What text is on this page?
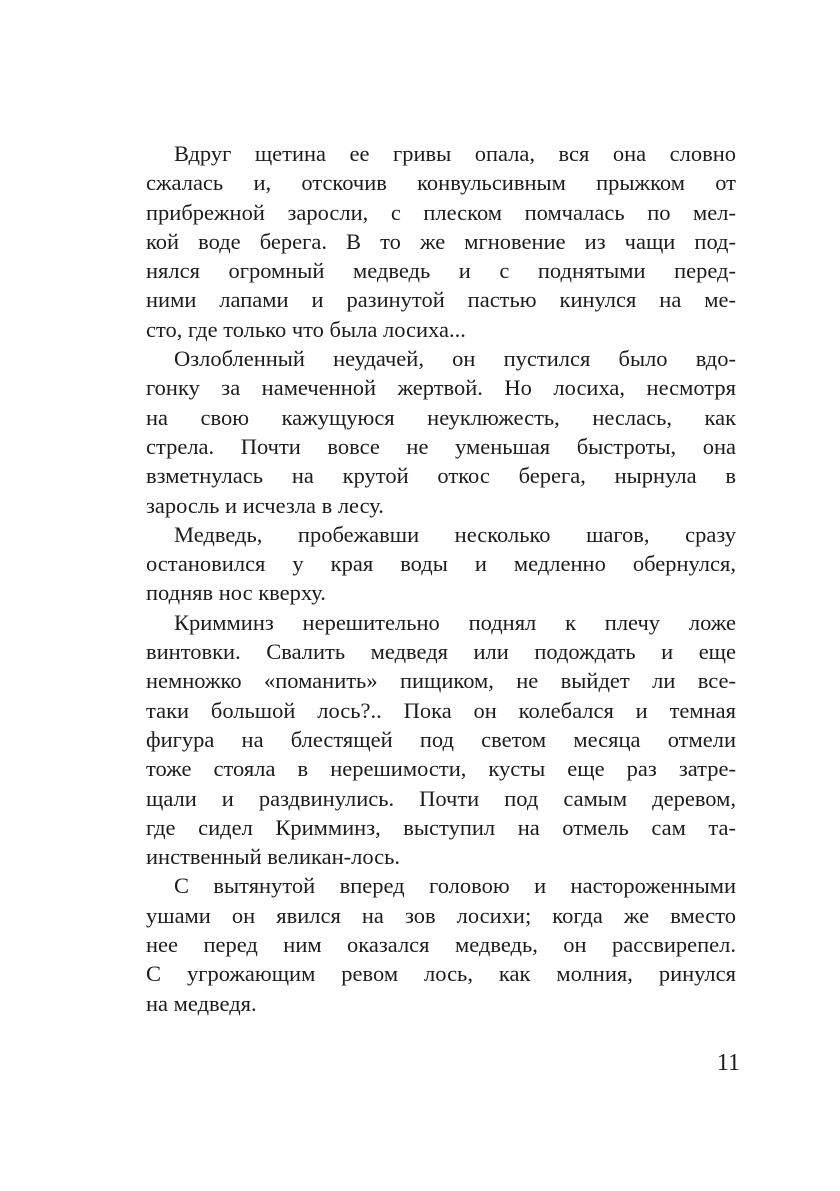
Вдруг щетина ее гривы опала, вся она словно
сжалась и, отскочив конвульсивным прыжком от
прибрежной заросли, с плеском помчалась по мел-
кой воде берега. В то же мгновение из чащи под-
нялся огромный медведь и с поднятыми перед-
ними лапами и разинутой пастью кинулся на ме-
сто, где только что была лосиха...
Озлобленный неудачей, он пустился было вдо-
гонку за намеченной жертвой. Но лосиха, несмотря
на свою кажущуюся неуклюжесть, неслась, как
стрела. Почти вовсе не уменьшая быстроты, она
взметнулась на крутой откос берега, нырнула в
заросль и исчезла в лесу.
Медведь, пробежавши несколько шагов, сразу
остановился у края воды и медленно обернулся,
подняв нос кверху.
Кримминз нерешительно поднял к плечу ложе
винтовки. Свалить медведя или подождать и еще
немножко «поманить» пищиком, не выйдет ли все-
таки большой лось?.. Пока он колебался и темная
фигура на блестящей под светом месяца отмели
тоже стояла в нерешимости, кусты еще раз затре-
щали и раздвинулись. Почти под самым деревом,
где сидел Кримминз, выступил на отмель сам та-
инственный великан-лось.
С вытянутой вперед головою и настороженными
ушами он явился на зов лосихи; когда же вместо
нее перед ним оказался медведь, он рассвирепел.
С угрожающим ревом лось, как молния, ринулся
на медведя.
11
